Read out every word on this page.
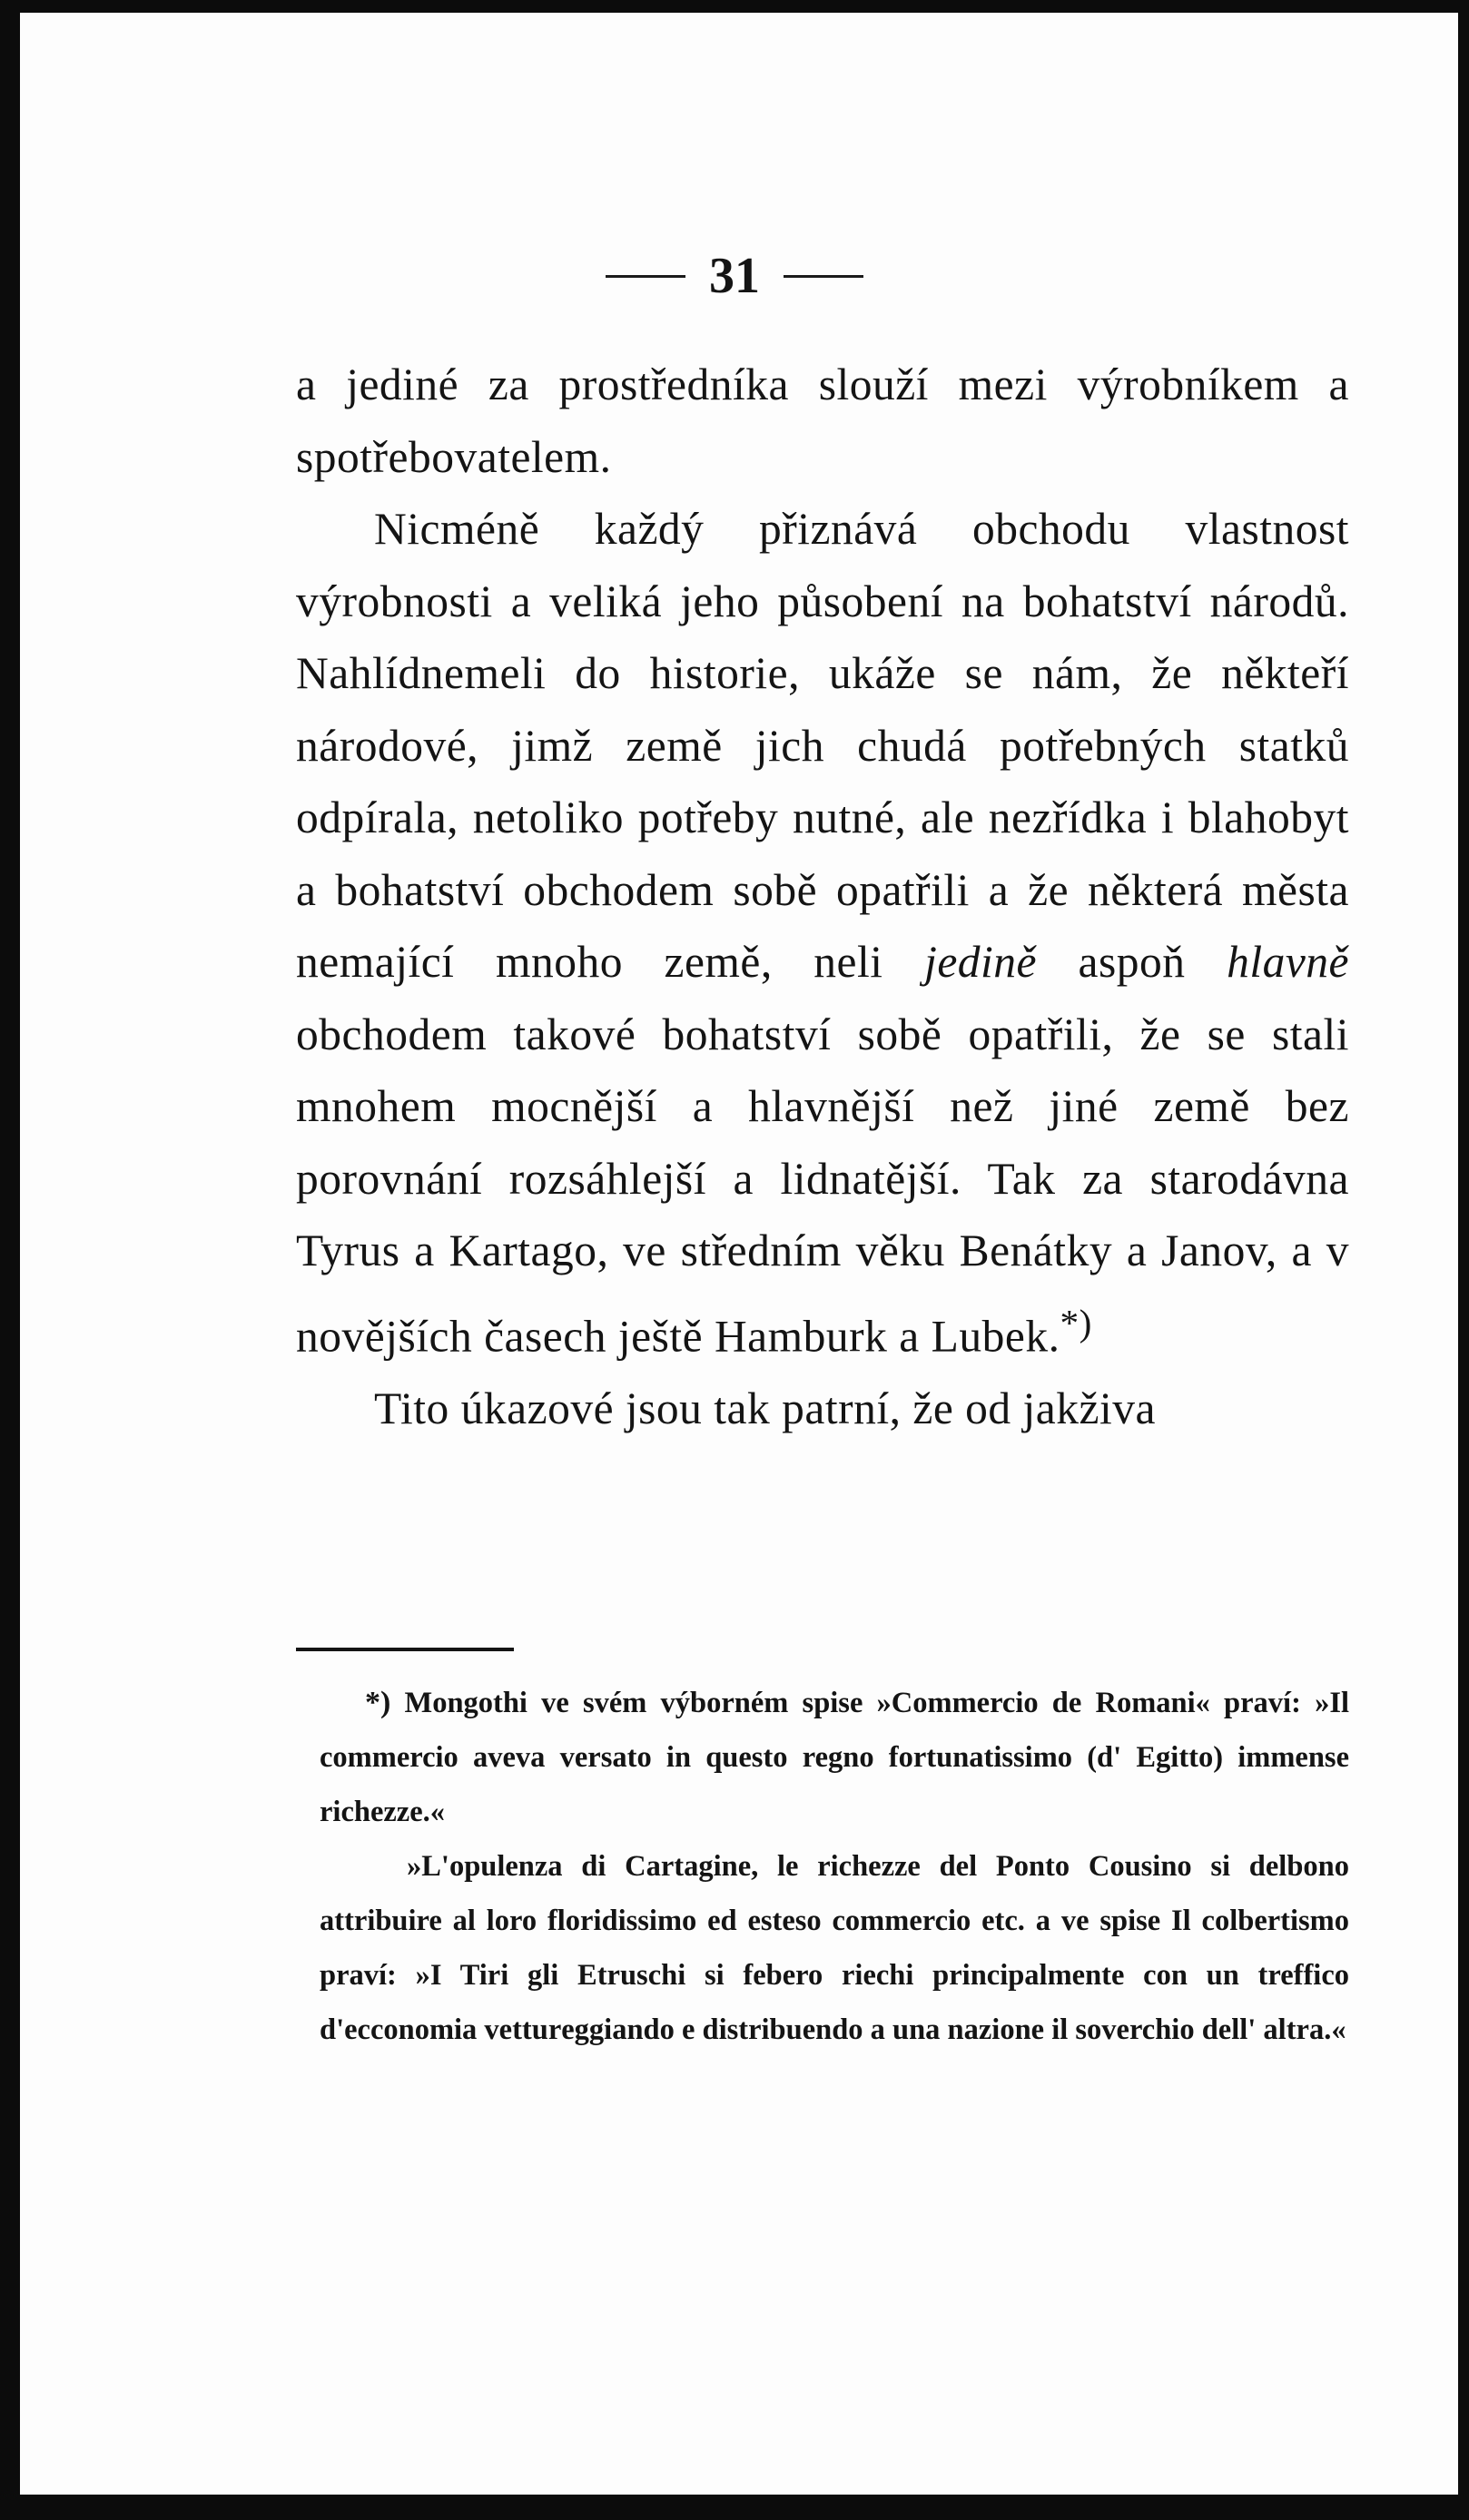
31

a jediné za prostředníka slouží mezi výrobníkem a spotřebovatelem.

Nicméně každý přiznává obchodu vlastnost výrobnosti a veliká jeho působení na bohatství národů. Nahlídnemeli do historie, ukáže se nám, že někteří národové, jimž země jich chudá potřebných statků odpírala, netoliko potřeby nutné, ale nezřídka i blahobyt a bohatství obchodem sobě opatřili a že některá města nemající mnoho země, neli jedině aspoň hlavně obchodem takové bohatství sobě opatřili, že se stali mnohem mocnější a hlavnější než jiné země bez porovnání rozsáhlejší a lidnatější. Tak za starodávna Tyrus a Kartago, ve středním věku Benátky a Janov, a v novějších časech ještě Hamburk a Lubek.*)

Tito úkazové jsou tak patrní, že od jakživa

*) Mongothi ve svém výborném spise »Commercio de Romani« praví: »Il commercio aveva versato in questo regno fortunatissimo (d' Egitto) immense richezze.«

»L'opulenza di Cartagine, le richezze del Ponto Cousino si delbono attribuire al loro floridissimo ed esteso commercio etc. a ve spise Il colbertismo praví: »I Tiri gli Etruschi si febero riechi principalmente con un treffico d'ecconomia vetturеggiando e distribuendo a una nazione il soverchio dell' altra.«
